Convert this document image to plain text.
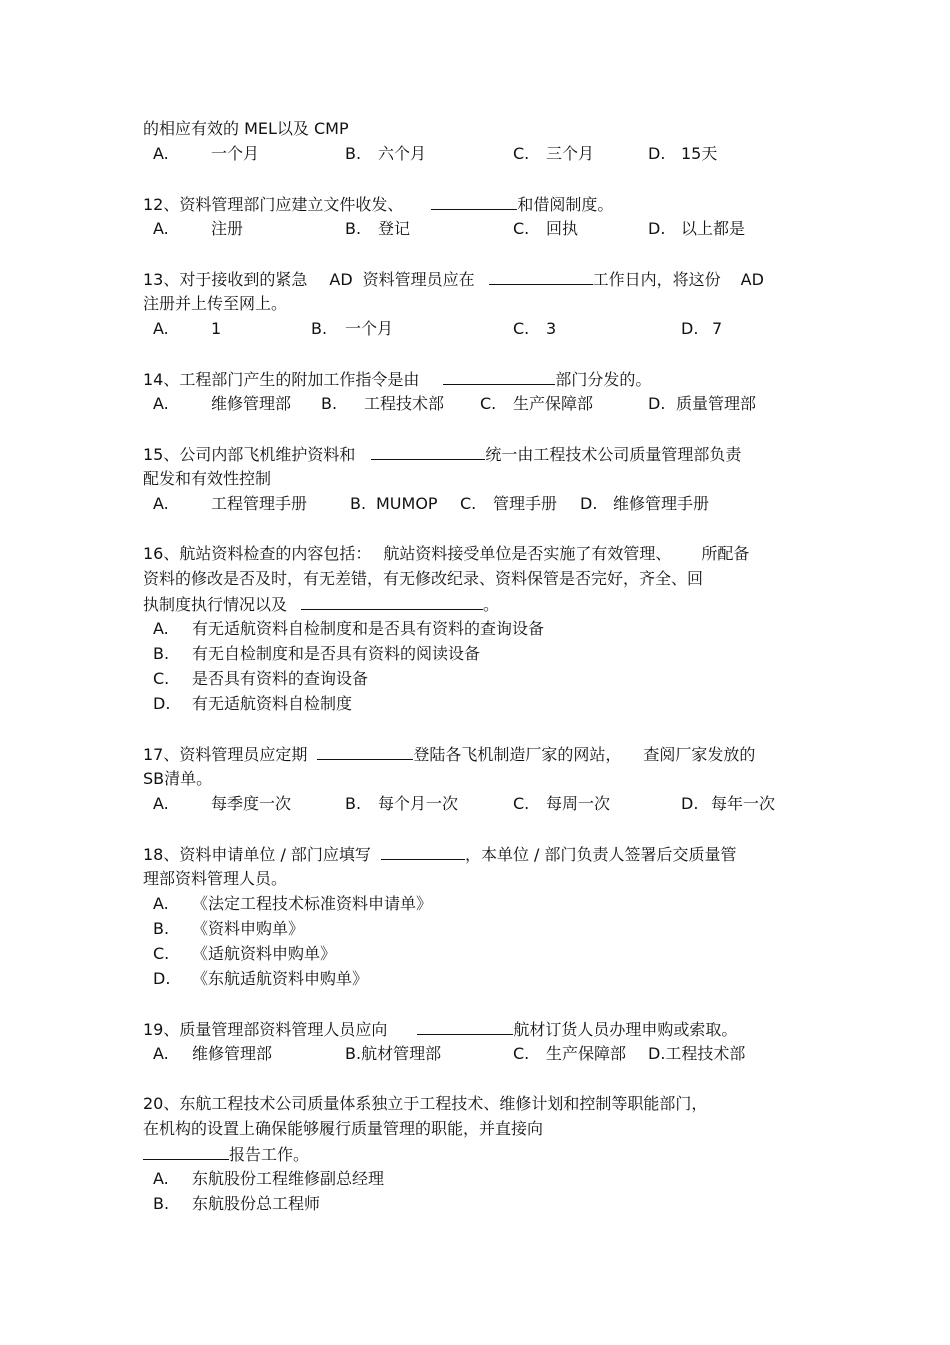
的相应有效的 MEL以及 CMP
A.	一个月	B. 六个月	C. 三个月	D. 15天
12、资料管理部门应建立文件收发、	和借阅制度。
A.	注册	B. 登记	C. 回执	D. 以上都是
13、对于接收到的紧急 AD 资料管理员应在	工作日内，将这份 AD
注册并上传至网上。
A.	1	B. 一个月	C. 3	D. 7
14、工程部门产生的附加工作指令是由	部门分发的。
A.	维修管理部 B. 工程技术部 C. 生产保障部	D. 质量管理部
15、公司内部飞机维护资料和	统一由工程技术公司质量管理部负责
配发和有效性控制
A.	工程管理手册	B. MUMOP C. 管理手册 D. 维修管理手册
16、航站资料检查的内容包括： 航站资料接受单位是否实施了有效管理、 所配备
资料的修改是否及时，有无差错，有无修改纪录、资料保管是否完好，齐全、回
执制度执行情况以及	。
A. 有无适航资料自检制度和是否具有资料的查询设备
B. 有无自检制度和是否具有资料的阅读设备
C. 是否具有资料的查询设备
D. 有无适航资料自检制度
17、资料管理员应定期	登陆各飞机制造厂家的网站， 查阅厂家发放的
SB清单。
A.	每季度一次	B. 每个月一次	C. 每周一次	D. 每年一次
18、资料申请单位 / 部门应填写	，本单位 / 部门负责人签署后交质量管
理部资料管理人员。
A. 《法定工程技术标准资料申请单》
B. 《资料申购单》
C. 《适航资料申购单》
D. 《东航适航资料申购单》
19、质量管理部资料管理人员应向	航材订货人员办理申购或索取。
A. 维修管理部	B.航材管理部	C. 生产保障部 D.工程技术部
20、东航工程技术公司质量体系独立于工程技术、维修计划和控制等职能部门，
在机构的设置上确保能够履行质量管理的职能，并直接向
报告工作。
A. 东航股份工程维修副总经理
B. 东航股份总工程师
